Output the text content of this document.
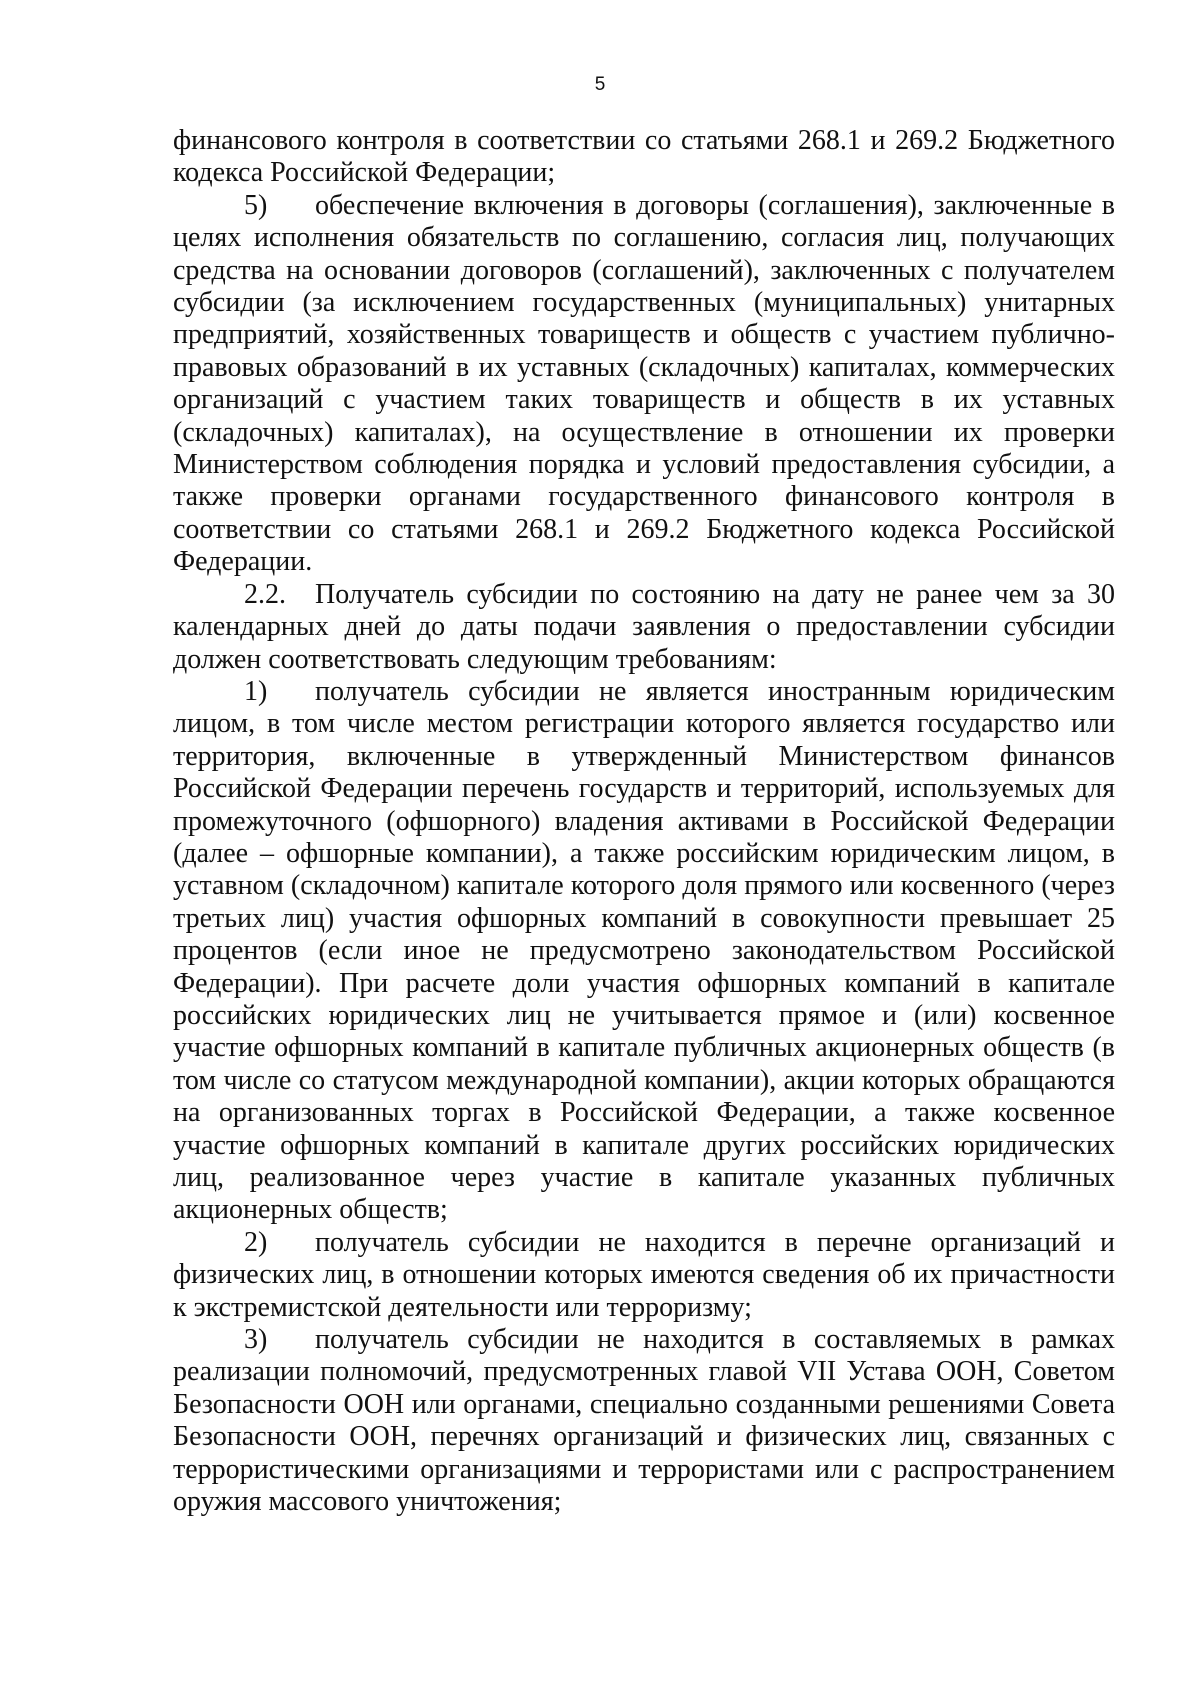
5

финансового контроля в соответствии со статьями 268.1 и 269.2 Бюджетного кодекса Российской Федерации;

5) обеспечение включения в договоры (соглашения), заключенные в целях исполнения обязательств по соглашению, согласия лиц, получающих средства на основании договоров (соглашений), заключенных с получателем субсидии (за исключением государственных (муниципальных) унитарных предприятий, хозяйственных товариществ и обществ с участием публично-правовых образований в их уставных (складочных) капиталах, коммерческих организаций с участием таких товариществ и обществ в их уставных (складочных) капиталах), на осуществление в отношении их проверки Министерством соблюдения порядка и условий предоставления субсидии, а также проверки органами государственного финансового контроля в соответствии со статьями 268.1 и 269.2 Бюджетного кодекса Российской Федерации.

2.2. Получатель субсидии по состоянию на дату не ранее чем за 30 календарных дней до даты подачи заявления о предоставлении субсидии должен соответствовать следующим требованиям:

1) получатель субсидии не является иностранным юридическим лицом, в том числе местом регистрации которого является государство или территория, включенные в утвержденный Министерством финансов Российской Федерации перечень государств и территорий, используемых для промежуточного (офшорного) владения активами в Российской Федерации (далее – офшорные компании), а также российским юридическим лицом, в уставном (складочном) капитале которого доля прямого или косвенного (через третьих лиц) участия офшорных компаний в совокупности превышает 25 процентов (если иное не предусмотрено законодательством Российской Федерации). При расчете доли участия офшорных компаний в капитале российских юридических лиц не учитывается прямое и (или) косвенное участие офшорных компаний в капитале публичных акционерных обществ (в том числе со статусом международной компании), акции которых обращаются на организованных торгах в Российской Федерации, а также косвенное участие офшорных компаний в капитале других российских юридических лиц, реализованное через участие в капитале указанных публичных акционерных обществ;

2) получатель субсидии не находится в перечне организаций и физических лиц, в отношении которых имеются сведения об их причастности к экстремистской деятельности или терроризму;

3) получатель субсидии не находится в составляемых в рамках реализации полномочий, предусмотренных главой VII Устава ООН, Советом Безопасности ООН или органами, специально созданными решениями Совета Безопасности ООН, перечнях организаций и физических лиц, связанных с террористическими организациями и террористами или с распространением оружия массового уничтожения;
